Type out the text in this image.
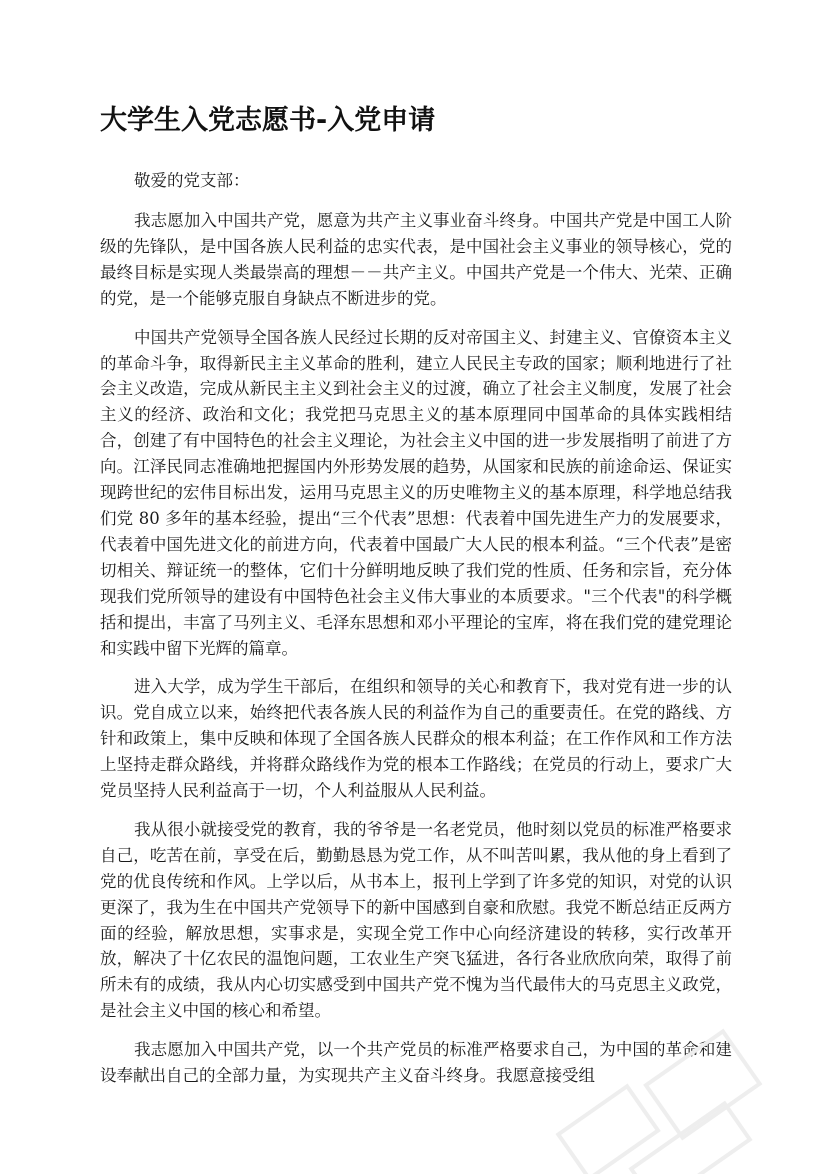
大学生入党志愿书-入党申请

敬爱的党支部：

我志愿加入中国共产党，愿意为共产主义事业奋斗终身。中国共产党是中国工人阶级的先锋队，是中国各族人民利益的忠实代表，是中国社会主义事业的领导核心，党的最终目标是实现人类最崇高的理想－－共产主义。中国共产党是一个伟大、光荣、正确的党，是一个能够克服自身缺点不断进步的党。

中国共产党领导全国各族人民经过长期的反对帝国主义、封建主义、官僚资本主义的革命斗争，取得新民主主义革命的胜利，建立人民民主专政的国家；顺利地进行了社会主义改造，完成从新民主主义到社会主义的过渡，确立了社会主义制度，发展了社会主义的经济、政治和文化；我党把马克思主义的基本原理同中国革命的具体实践相结合，创建了有中国特色的社会主义理论，为社会主义中国的进一步发展指明了前进了方向。江泽民同志准确地把握国内外形势发展的趋势，从国家和民族的前途命运、保证实现跨世纪的宏伟目标出发，运用马克思主义的历史唯物主义的基本原理，科学地总结我们党 80 多年的基本经验，提出“三个代表”思想：代表着中国先进生产力的发展要求，代表着中国先进文化的前进方向，代表着中国最广大人民的根本利益。“三个代表”是密切相关、辩证统一的整体，它们十分鲜明地反映了我们党的性质、任务和宗旨，充分体现我们党所领导的建设有中国特色社会主义伟大事业的本质要求。"三个代表"的科学概括和提出，丰富了马列主义、毛泽东思想和邓小平理论的宝库，将在我们党的建党理论和实践中留下光辉的篇章。

进入大学，成为学生干部后，在组织和领导的关心和教育下，我对党有进一步的认识。党自成立以来，始终把代表各族人民的利益作为自己的重要责任。在党的路线、方针和政策上，集中反映和体现了全国各族人民群众的根本利益；在工作作风和工作方法上坚持走群众路线，并将群众路线作为党的根本工作路线；在党员的行动上，要求广大党员坚持人民利益高于一切，个人利益服从人民利益。

我从很小就接受党的教育，我的爷爷是一名老党员，他时刻以党员的标准严格要求自己，吃苦在前，享受在后，勤勤恳恳为党工作，从不叫苦叫累，我从他的身上看到了党的优良传统和作风。上学以后，从书本上，报刊上学到了许多党的知识，对党的认识更深了，我为生在中国共产党领导下的新中国感到自豪和欣慰。我党不断总结正反两方面的经验，解放思想，实事求是，实现全党工作中心向经济建设的转移，实行改革开放，解决了十亿农民的温饱问题，工农业生产突飞猛进，各行各业欣欣向荣，取得了前所未有的成绩，我从内心切实感受到中国共产党不愧为当代最伟大的马克思主义政党，是社会主义中国的核心和希望。

我志愿加入中国共产党，以一个共产党员的标准严格要求自己，为中国的革命和建设奉献出自己的全部力量，为实现共产主义奋斗终身。我愿意接受组
